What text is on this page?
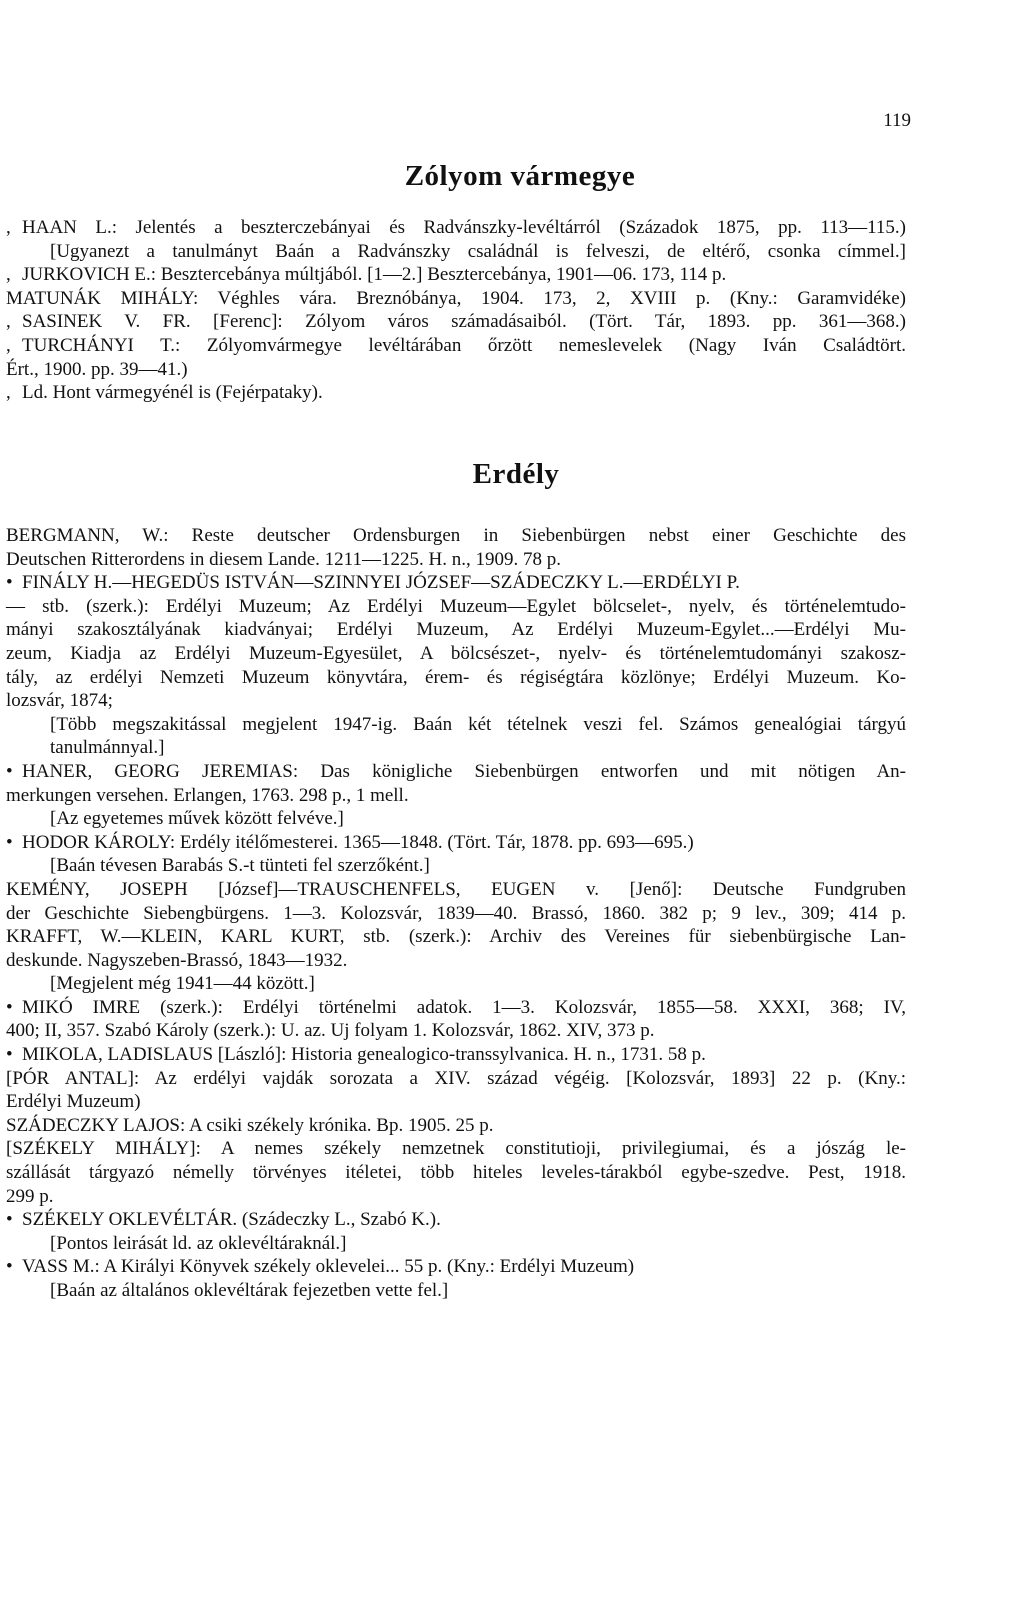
119
Zólyom vármegye
, HAAN L.: Jelentés a beszterczebányai és Radvánszky-levéltárról (Századok 1875, pp. 113—115.)
[Ugyanezt a tanulmányt Baán a Radvánszky családnál is felveszi, de eltérő, csonka címmel.]
, JURKOVICH E.: Besztercebánya múltjából. [1—2.] Besztercebánya, 1901—06. 173, 114 p.
MATUNÁK MIHÁLY: Véghles vára. Breznóbánya, 1904. 173, 2, XVIII p. (Kny.: Garamvidéke)
, SASINEK V. FR. [Ferenc]: Zólyom város számadásaiból. (Tört. Tár, 1893. pp. 361—368.)
, TURCHÁNYI T.: Zólyomvármegye levéltárában őrzött nemeslevelek (Nagy Iván Családtört.
Ért., 1900. pp. 39—41.)
, Ld. Hont vármegyénél is (Fejérpataky).
Erdély
BERGMANN, W.: Reste deutscher Ordensburgen in Siebenbürgen nebst einer Geschichte des
Deutschen Ritterordens in diesem Lande. 1211—1225. H. n., 1909. 78 p.
• FINÁLY H.—HEGEDÜS ISTVÁN—SZINNYEI JÓZSEF—SZÁDECZKY L.—ERDÉLYI P.
— stb. (szerk.): Erdélyi Muzeum; Az Erdélyi Muzeum—Egylet bölcselet-, nyelv, és történelemtudo-
mányi szakosztályának kiadványai; Erdélyi Muzeum, Az Erdélyi Muzeum-Egylet...—Erdélyi Mu-
zeum, Kiadja az Erdélyi Muzeum-Egyesület, A bölcsészet-, nyelv- és történelemtudományi szakosz-
tály, az erdélyi Nemzeti Muzeum könyvtára, érem- és régiségtára közlönye; Erdélyi Muzeum. Ko-
lozsvár, 1874;
[Több megszakitással megjelent 1947-ig. Baán két tételnek veszi fel. Számos genealógiai tárgyú
tanulmánnyal.]
• HANER, GEORG JEREMIAS: Das königliche Siebenbürgen entworfen und mit nötigen An-
merkungen versehen. Erlangen, 1763. 298 p., 1 mell.
[Az egyetemes művek között felvéve.]
• HODOR KÁROLY: Erdély itélőmesterei. 1365—1848. (Tört. Tár, 1878. pp. 693—695.)
[Baán tévesen Barabás S.-t tünteti fel szerzőként.]
KEMÉNY, JOSEPH [József]—TRAUSCHENFELS, EUGEN v. [Jenő]: Deutsche Fundgruben
der Geschichte Siebengbürgens. 1—3. Kolozsvár, 1839—40. Brassó, 1860. 382 p; 9 lev., 309; 414 p.
KRAFFT, W.—KLEIN, KARL KURT, stb. (szerk.): Archiv des Vereines für siebenbürgische Lan-
deskunde. Nagyszeben-Brassó, 1843—1932.
[Megjelent még 1941—44 között.]
• MIKÓ IMRE (szerk.): Erdélyi történelmi adatok. 1—3. Kolozsvár, 1855—58. XXXI, 368; IV,
400; II, 357. Szabó Károly (szerk.): U. az. Uj folyam 1. Kolozsvár, 1862. XIV, 373 p.
• MIKOLA, LADISLAUS [László]: Historia genealogico-transsylvanica. H. n., 1731. 58 p.
[PÓR ANTAL]: Az erdélyi vajdák sorozata a XIV. század végéig. [Kolozsvár, 1893] 22 p. (Kny.:
Erdélyi Muzeum)
SZÁDECZKY LAJOS: A csiki székely krónika. Bp. 1905. 25 p.
[SZÉKELY MIHÁLY]: A nemes székely nemzetnek constitutioji, privilegiumai, és a jószág le-
szállását tárgyazó némelly törvényes itéletei, több hiteles leveles-tárakból egybe-szedve. Pest, 1918.
299 p.
• SZÉKELY OKLEVÉLTÁR. (Szádeczky L., Szabó K.).
[Pontos leirását ld. az oklevéltáraknál.]
• VASS M.: A Királyi Könyvek székely oklevelei... 55 p. (Kny.: Erdélyi Muzeum)
[Baán az általános oklevéltárak fejezetben vette fel.]
